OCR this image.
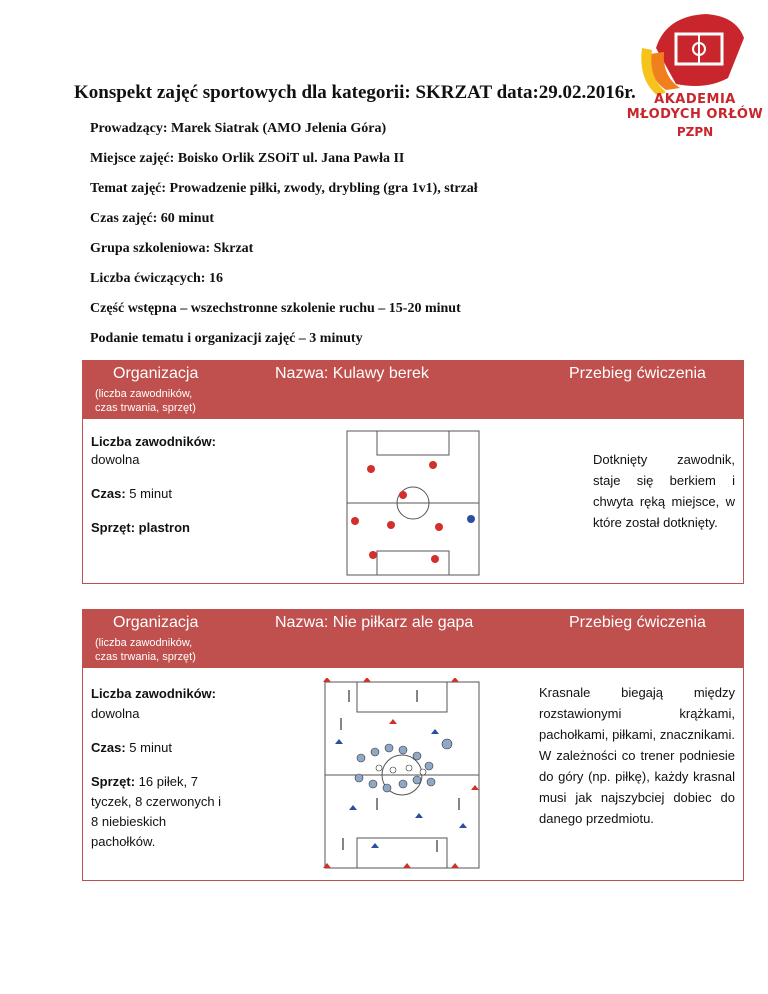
AKADEMIA
MŁODYCH ORŁÓW
PZPN
Konspekt zajęć sportowych dla kategorii: SKRZAT data:29.02.2016r.
Prowadzący: Marek Siatrak (AMO Jelenia Góra)
Miejsce zajęć: Boisko Orlik ZSOiT ul. Jana Pawła II
Temat zajęć: Prowadzenie piłki, zwody, drybling (gra 1v1), strzał
Czas zajęć: 60 minut
Grupa szkoleniowa: Skrzat
Liczba ćwiczących: 16
Część wstępna – wszechstronne szkolenie ruchu – 15-20 minut
Podanie tematu i organizacji zajęć – 3 minuty
Organizacja
(liczba zawodników,
czas trwania, sprzęt)
Nazwa: Kulawy berek	Przebieg ćwiczenia
Liczba zawodników:
dowolna
Czas: 5 minut
Sprzęt: plastron
Dotknięty zawodnik, staje się berkiem i chwyta ręką miejsce, w które został dotknięty.
Organizacja
(liczba zawodników,
czas trwania, sprzęt)
Nazwa: Nie piłkarz ale gapa	Przebieg ćwiczenia
Liczba zawodników:
dowolna
Czas: 5 minut
Sprzęt: 16 piłek, 7 tyczek, 8 czerwonych i 8 niebieskich pachołków.
Krasnale biegają między rozstawionymi krążkami, pachołkami, piłkami, znacznikami. W zależności co trener podniesie do góry (np. piłkę), każdy krasnal musi jak najszybciej dobiec do danego przedmiotu.
